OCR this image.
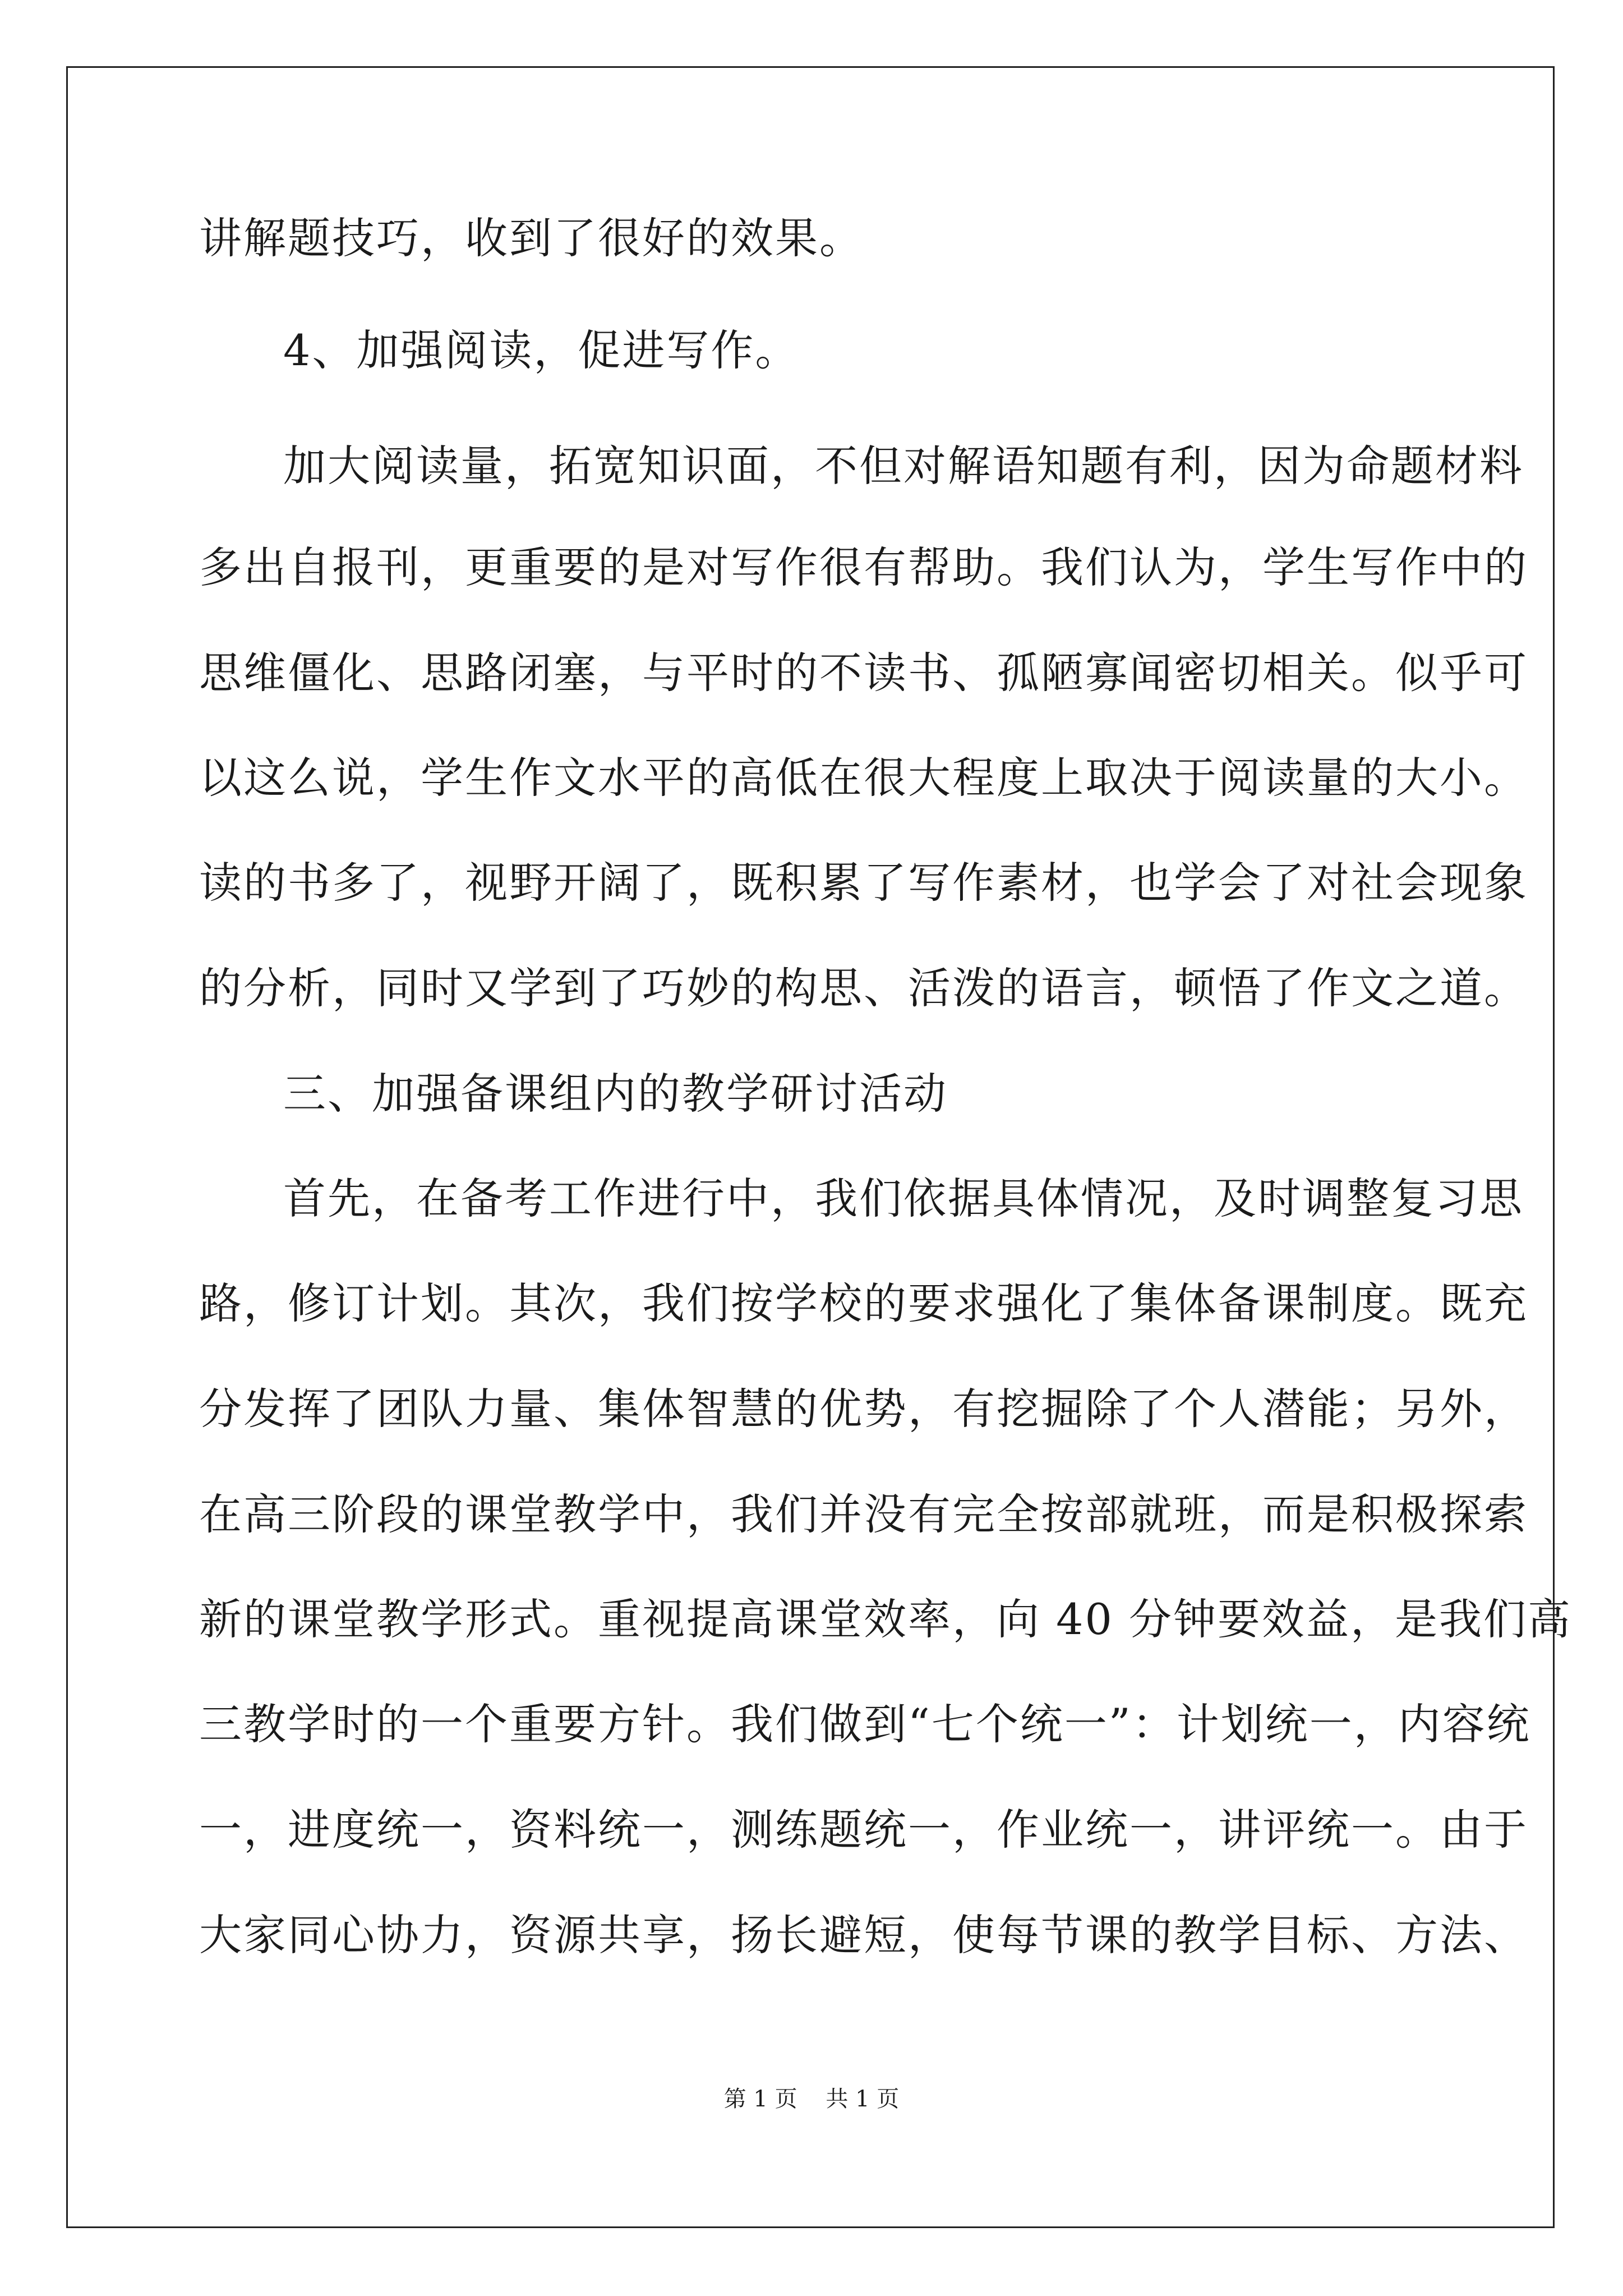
讲解题技巧，收到了很好的效果。
4、加强阅读，促进写作。
加大阅读量，拓宽知识面，不但对解语知题有利，因为命题材料
多出自报刊，更重要的是对写作很有帮助。我们认为，学生写作中的
思维僵化、思路闭塞，与平时的不读书、孤陋寡闻密切相关。似乎可
以这么说，学生作文水平的高低在很大程度上取决于阅读量的大小。
读的书多了，视野开阔了，既积累了写作素材，也学会了对社会现象
的分析，同时又学到了巧妙的构思、活泼的语言，顿悟了作文之道。
三、加强备课组内的教学研讨活动
首先，在备考工作进行中，我们依据具体情况，及时调整复习思
路，修订计划。其次，我们按学校的要求强化了集体备课制度。既充
分发挥了团队力量、集体智慧的优势，有挖掘除了个人潜能；另外，
在高三阶段的课堂教学中，我们并没有完全按部就班，而是积极探索
新的课堂教学形式。重视提高课堂效率，向 40 分钟要效益，是我们高
三教学时的一个重要方针。我们做到“七个统一”：计划统一，内容统
一，进度统一，资料统一，测练题统一，作业统一，讲评统一。由于
大家同心协力，资源共享，扬长避短，使每节课的教学目标、方法、
第 1 页    共 1 页
